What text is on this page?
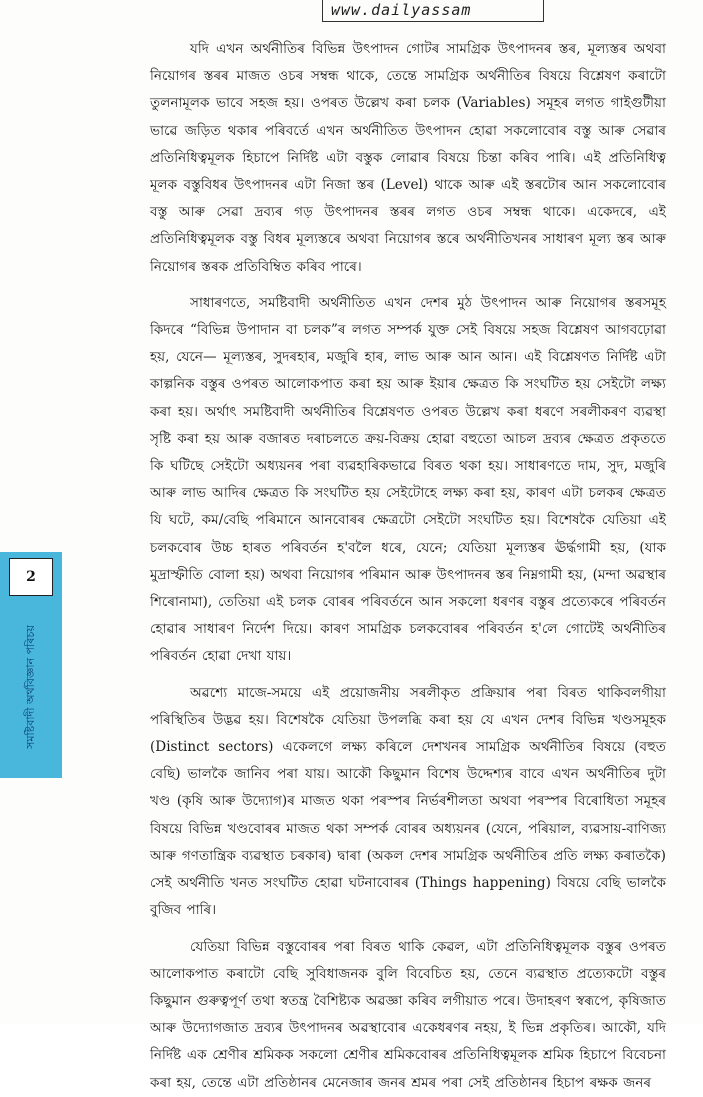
www.dailyassam

যদি এখন অৰ্থনীতিৰ বিভিন্ন উৎপাদন গোটৰ সামগ্ৰিক উৎপাদনৰ স্তৰ, মূল্যস্তৰ অথবা নিয়োগৰ স্তৰৰ মাজত ওচৰ সম্বন্ধ থাকে, তেন্তে সামগ্ৰিক অৰ্থনীতিৰ বিষয়ে বিশ্লেষণ কৰাটো তুলনামূলক ভাবে সহজ হয়। ওপৰত উল্লেখ কৰা চলক (Variables) সমূহৰ লগত গাইগুটীয়া ভাৱে জড়িত থকাৰ পৰিবৰ্তে এখন অৰ্থনীতিত উৎপাদন হোৱা সকলোবোৰ বস্তু আৰু সেৱাৰ প্ৰতিনিধিত্বমূলক হিচাপে নিৰ্দিষ্ট এটা বস্তুক লোৱাৰ বিষয়ে চিন্তা কৰিব পাৰি। এই প্ৰতিনিধিত্ব মূলক বস্তুবিধৰ উৎপাদনৰ এটা নিজা স্তৰ (Level) থাকে আৰু এই স্তৰটোৰ আন সকলোবোৰ বস্তু আৰু সেৱা দ্ৰব্যৰ গড় উৎপাদনৰ স্তৰৰ লগত ওচৰ সম্বন্ধ থাকে। একেদৰে, এই প্ৰতিনিধিত্বমূলক বস্তু বিধৰ মূল্যস্তৰে অথবা নিয়োগৰ স্তৰে অৰ্থনীতিখনৰ সাধাৰণ মূল্য স্তৰ আৰু নিয়োগৰ স্তৰক প্ৰতিবিম্বিত কৰিব পাৰে।

সাধাৰণতে, সমষ্টিবাদী অৰ্থনীতিত এখন দেশৰ মুঠ উৎপাদন আৰু নিয়োগৰ স্তৰসমূহ কিদৰে “বিভিন্ন উপাদান বা চলক”ৰ লগত সম্পৰ্ক যুক্ত সেই বিষয়ে সহজ বিশ্লেষণ আগবঢ়োৱা হয়, যেনে— মূল্যস্তৰ, সুদৰহাৰ, মজুৰি হাৰ, লাভ আৰু আন আন। এই বিশ্লেষণত নিৰ্দিষ্ট এটা কাল্পনিক বস্তুৰ ওপৰত আলোকপাত কৰা হয় আৰু ইয়াৰ ক্ষেত্ৰত কি সংঘটিত হয় সেইটো লক্ষ্য কৰা হয়। অৰ্থাৎ সমষ্টিবাদী অৰ্থনীতিৰ বিশ্লেষণত ওপৰত উল্লেখ কৰা ধৰণে সৰলীকৰণ ব্যৱস্থা সৃষ্টি কৰা হয় আৰু বজাৰত দৰাচলতে ক্ৰয়-বিক্ৰয় হোৱা বহুতো আচল দ্ৰব্যৰ ক্ষেত্ৰত প্ৰকৃততে কি ঘটিছে সেইটো অধ্যয়নৰ পৰা ব্যৱহাৰিকভাৱে বিৰত থকা হয়। সাধাৰণতে দাম, সুদ, মজুৰি আৰু লাভ আদিৰ ক্ষেত্ৰত কি সংঘটিত হয় সেইটোহে লক্ষ্য কৰা হয়, কাৰণ এটা চলকৰ ক্ষেত্ৰত যি ঘটে, কম/বেছি পৰিমানে আনবোৰৰ ক্ষেত্ৰটো সেইটো সংঘটিত হয়। বিশেষকৈ যেতিয়া এই চলকবোৰ উচ্চ হাৰত পৰিবৰ্তন হ'বলৈ ধৰে, যেনে; যেতিয়া মূল্যস্তৰ ঊৰ্দ্ধগামী হয়, (যাক মুদ্ৰাস্ফীতি বোলা হয়) অথবা নিয়োগৰ পৰিমান আৰু উৎপাদনৰ স্তৰ নিম্নগামী হয়, (মন্দা অৱস্থাৰ শিৰোনামা), তেতিয়া এই চলক বোৰৰ পৰিবৰ্তনে আন সকলো ধৰণৰ বস্তুৰ প্ৰত্যেকৰে পৰিবৰ্তন হোৱাৰ সাধাৰণ নিৰ্দেশ দিয়ে। কাৰণ সামগ্ৰিক চলকবোৰৰ পৰিবৰ্তন হ'লে গোটেই অৰ্থনীতিৰ পৰিবৰ্তন হোৱা দেখা যায়।

অৱশ্যে মাজে-সময়ে এই প্ৰয়োজনীয় সৰলীকৃত প্ৰক্ৰিয়াৰ পৰা বিৰত থাকিবলগীয়া পৰিস্থিতিৰ উদ্ভৱ হয়। বিশেষকৈ যেতিয়া উপলব্ধি কৰা হয় যে এখন দেশৰ বিভিন্ন খণ্ডসমূহক (Distinct sectors) একেলগে লক্ষ্য কৰিলে দেশখনৰ সামগ্ৰিক অৰ্থনীতিৰ বিষয়ে (বহুত বেছি) ভালকৈ জানিব পৰা যায়। আকৌ কিছুমান বিশেষ উদ্দেশ্যৰ বাবে এখন অৰ্থনীতিৰ দুটা খণ্ড (কৃষি আৰু উদ্যোগ)ৰ মাজত থকা পৰস্পৰ নিৰ্ভৰশীলতা অথবা পৰস্পৰ বিৰোধিতা সমূহৰ বিষয়ে বিভিন্ন খণ্ডবোৰৰ মাজত থকা সম্পৰ্ক বোৰৰ অধ্যয়নৰ (যেনে, পৰিয়াল, ব্যৱসায়-বাণিজ্য আৰু গণতান্ত্ৰিক ব্যৱস্থাত চৰকাৰ) দ্বাৰা (অকল দেশৰ সামগ্ৰিক অৰ্থনীতিৰ প্ৰতি লক্ষ্য কৰাতকৈ) সেই অৰ্থনীতি খনত সংঘটিত হোৱা ঘটনাবোৰৰ (Things happening) বিষয়ে বেছি ভালকৈ বুজিব পাৰি।

যেতিয়া বিভিন্ন বস্তুবোৰৰ পৰা বিৰত থাকি কেৱল, এটা প্ৰতিনিধিত্বমূলক বস্তুৰ ওপৰত আলোকপাত কৰাটো বেছি সুবিধাজনক বুলি বিবেচিত হয়, তেনে ব্যৱস্থাত প্ৰত্যেকটো বস্তুৰ কিছুমান গুৰুত্বপূৰ্ণ তথা স্বতন্ত্ৰ বৈশিষ্ট্যক অৱজ্ঞা কৰিব লগীয়াত পৰে। উদাহৰণ স্বৰূপে, কৃষিজাত আৰু উদ্যোগজাত দ্ৰব্যৰ উৎপাদনৰ অৱস্থাবোৰ একেধৰণৰ নহয়, ই ভিন্ন প্ৰকৃতিৰ। আকৌ, যদি নিৰ্দিষ্ট এক শ্ৰেণীৰ শ্ৰমিকক সকলো শ্ৰেণীৰ শ্ৰমিকবোৰৰ প্ৰতিনিধিত্বমূলক শ্ৰমিক হিচাপে বিবেচনা কৰা হয়, তেন্তে এটা প্ৰতিষ্ঠানৰ মেনেজাৰ জনৰ শ্ৰমৰ পৰা সেই প্ৰতিষ্ঠানৰ হিচাপ ৰক্ষক জনৰ

2
সমষ্টিবাদী অৰ্থবিজ্ঞান পৰিচয়
